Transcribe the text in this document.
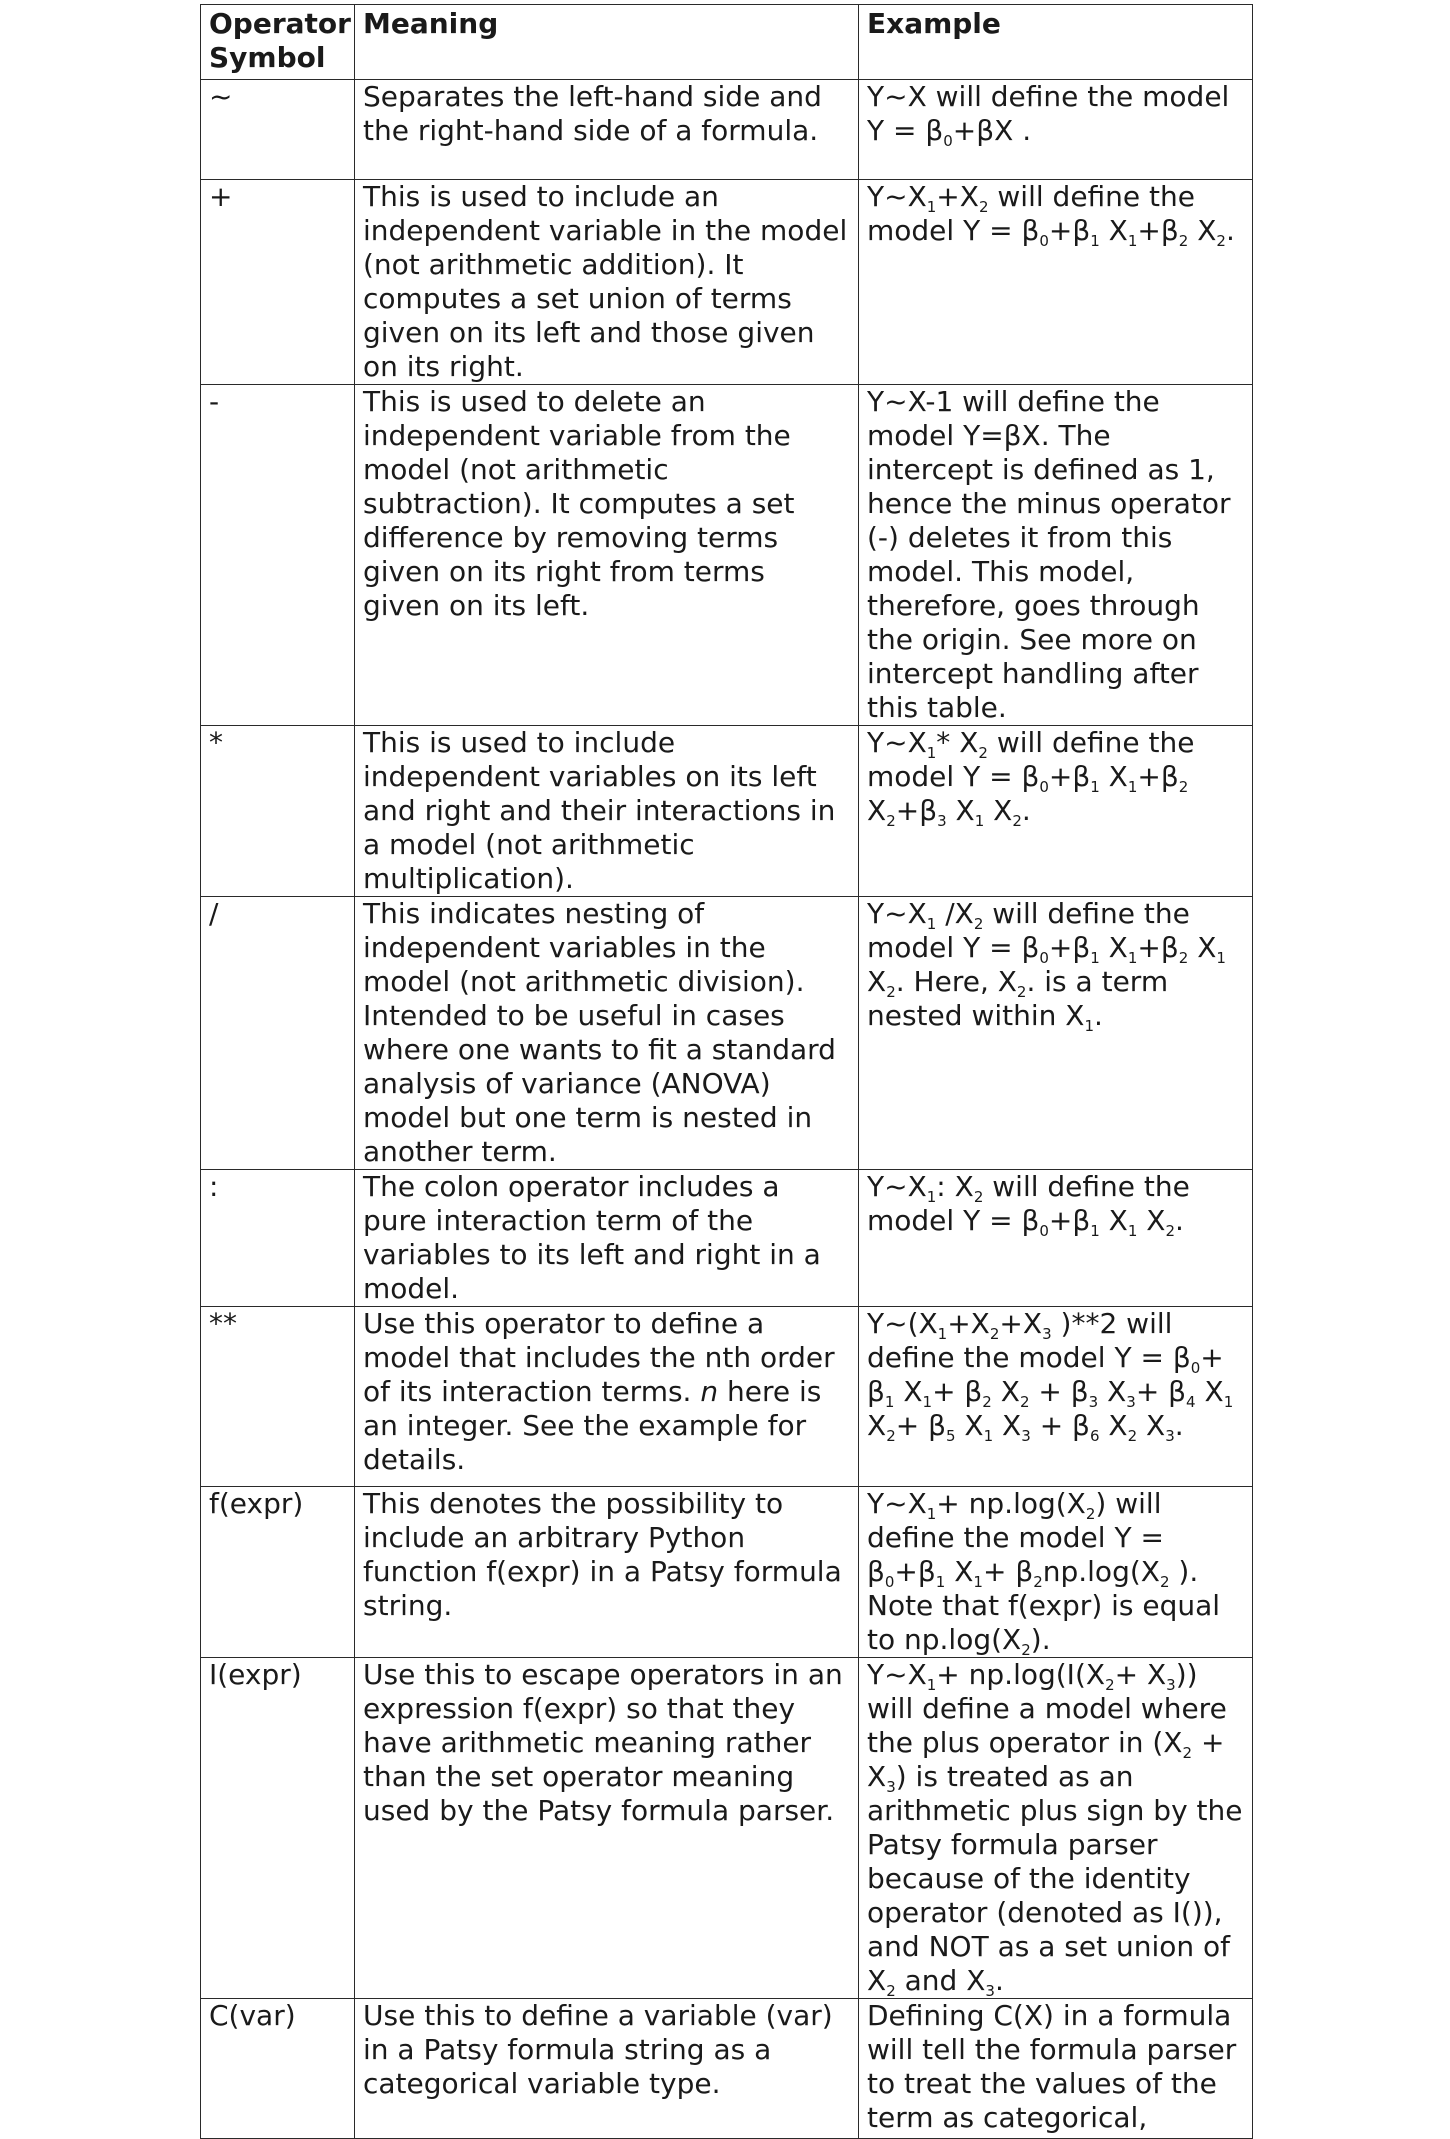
Operator Symbol	Meaning	Example
~	Separates the left-hand side and the right-hand side of a formula.	Y~X will define the model $Y = \beta_0+\beta X$ .
+	This is used to include an independent variable in the model (not arithmetic addition). It computes a set union of terms given on its left and those given on its right.	$Y\sim X_1+X_2$ will define the model $Y = \beta_0+\beta_1$ $X_1+\beta_2$ $X_2$.
-	This is used to delete an independent variable from the model (not arithmetic subtraction). It computes a set difference by removing terms given on its right from terms given on its left.	Y~X-1 will define the model Y=βX. The intercept is defined as 1, hence the minus operator (-) deletes it from this model. This model, therefore, goes through the origin. See more on intercept handling after this table.
*	This is used to include independent variables on its left and right and their interactions in a model (not arithmetic multiplication).	$Y\sim X_1*$ $X_2$ will define the model $Y = \beta_0+\beta_1$ $X_1+\beta_2$ $X_2+\beta_3$ $X_1$ $X_2$.
/	This indicates nesting of independent variables in the model (not arithmetic division). Intended to be useful in cases where one wants to fit a standard analysis of variance (ANOVA) model but one term is nested in another term.	$Y\sim X_1$ $/X_2$ will define the model $Y = \beta_0+\beta_1$ $X_1+\beta_2$ $X_1$ $X_2$. Here, $X_2$. is a term nested within $X_1$.
:	The colon operator includes a pure interaction term of the variables to its left and right in a model.	$Y\sim X_1$: $X_2$ will define the model $Y = \beta_0+\beta_1$ $X_1$ $X_2$.
**	Use this operator to define a model that includes the nth order of its interaction terms. n here is an integer. See the example for details.	$Y\sim(X_1+X_2+X_3$ )**2 will define the model $Y = \beta_0+ \beta_1$ $X_1+ \beta_2$ $X_2 + \beta_3$ $X_3+ \beta_4$ $X_1$ $X_2+ \beta_5$ $X_1$ $X_3 + \beta_6$ $X_2$ $X_3$.
f(expr)	This denotes the possibility to include an arbitrary Python function f(expr) in a Patsy formula string.	$Y\sim X_1+ np.\log(X_2)$ will define the model $Y = \beta_0+\beta_1$ $X_1+ \beta_2np.\log(X_2$ ). Note that f(expr) is equal to $np.\log(X_2)$.
I(expr)	Use this to escape operators in an expression f(expr) so that they have arithmetic meaning rather than the set operator meaning used by the Patsy formula parser.	$Y\sim X_1+ np.\log(I(X_2+ X_3))$ will define a model where the plus operator in $(X_2 + X_3)$ is treated as an arithmetic plus sign by the Patsy formula parser because of the identity operator (denoted as I()), and NOT as a set union of $X_2$ and $X_3$.
C(var)	Use this to define a variable (var) in a Patsy formula string as a categorical variable type.	Defining C(X) in a formula will tell the formula parser to treat the values of the term as categorical,
